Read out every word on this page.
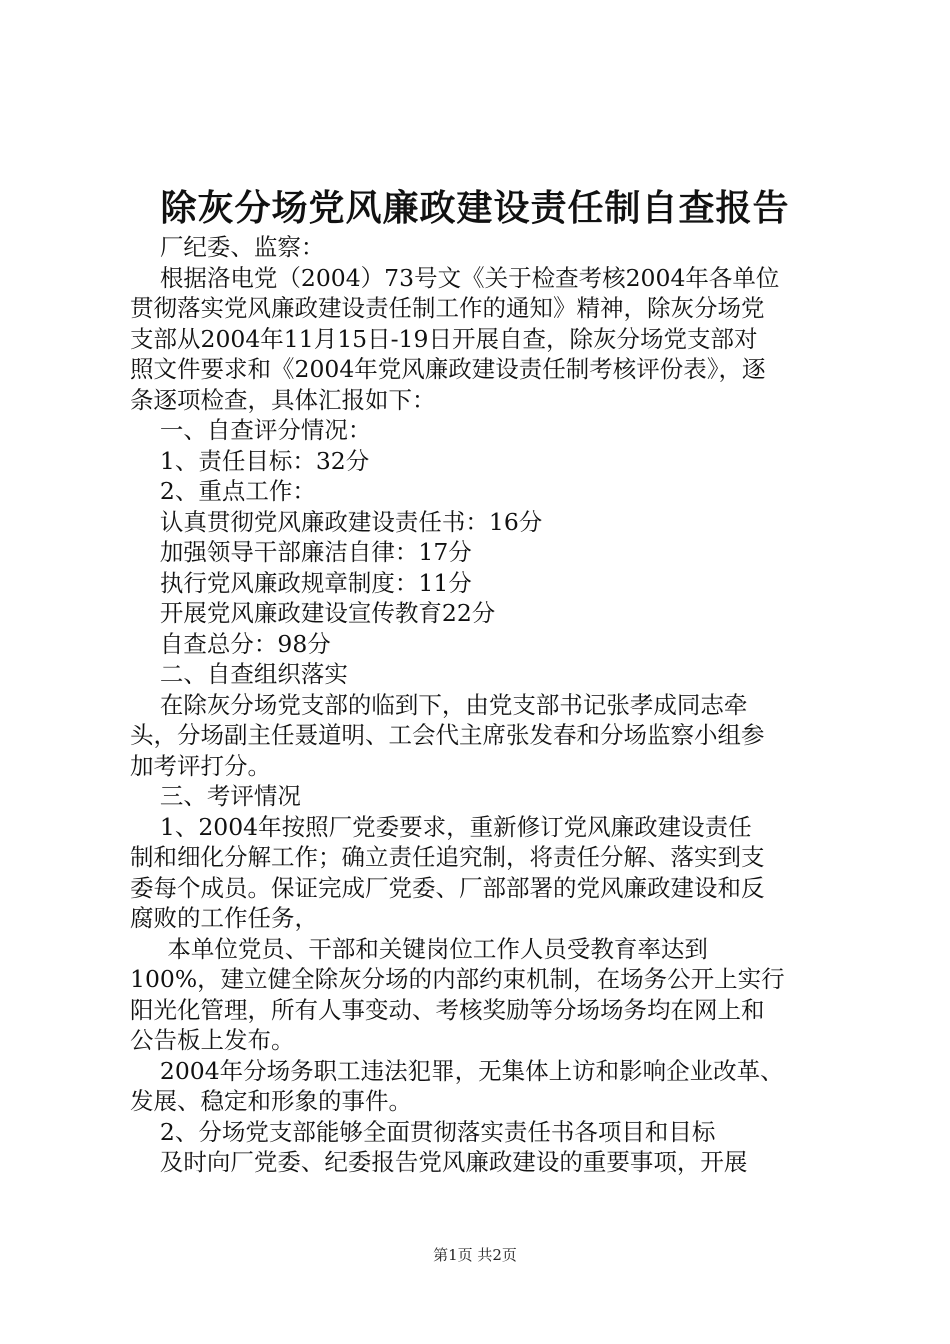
除灰分场党风廉政建设责任制自查报告
厂纪委、监察：
根据洛电党（2004）73号文《关于检查考核2004年各单位
贯彻落实党风廉政建设责任制工作的通知》精神，除灰分场党
支部从2004年11月15日-19日开展自查，除灰分场党支部对
照文件要求和《2004年党风廉政建设责任制考核评份表》，逐
条逐项检查，具体汇报如下：
一、自查评分情况：
1、责任目标：32分
2、重点工作：
认真贯彻党风廉政建设责任书：16分
加强领导干部廉洁自律：17分
执行党风廉政规章制度：11分
开展党风廉政建设宣传教育22分
自查总分：98分
二、自查组织落实
在除灰分场党支部的临到下，由党支部书记张孝成同志牵
头，分场副主任聂道明、工会代主席张发春和分场监察小组参
加考评打分。
三、考评情况
1、2004年按照厂党委要求，重新修订党风廉政建设责任
制和细化分解工作；确立责任追究制，将责任分解、落实到支
委每个成员。保证完成厂党委、厂部部署的党风廉政建设和反
腐败的工作任务，
本单位党员、干部和关键岗位工作人员受教育率达到
100%，建立健全除灰分场的内部约束机制，在场务公开上实行
阳光化管理，所有人事变动、考核奖励等分场场务均在网上和
公告板上发布。
2004年分场务职工违法犯罪，无集体上访和影响企业改革、
发展、稳定和形象的事件。
2、分场党支部能够全面贯彻落实责任书各项目和目标
及时向厂党委、纪委报告党风廉政建设的重要事项，开展
第1页 共2页
